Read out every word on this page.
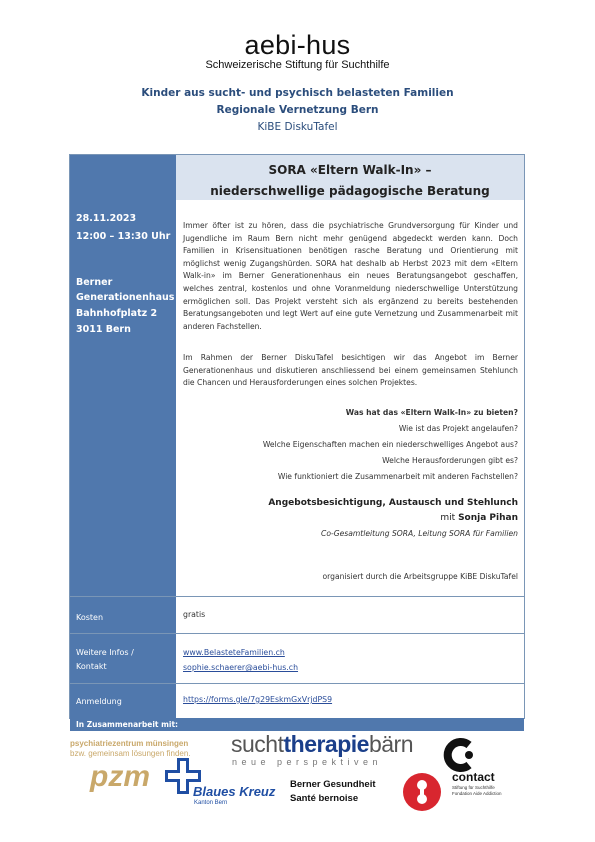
aebi-hus
Schweizerische Stiftung für Suchthilfe
Kinder aus sucht- und psychisch belasteten Familien
Regionale Vernetzung Bern
KiBE DiskuTafel
SORA «Eltern Walk-In» –
niederschwellige pädagogische Beratung
28.11.2023
12:00 – 13:30 Uhr
Berner
Generationenhaus
Bahnhofplatz 2
3011 Bern
Immer öfter ist zu hören, dass die psychiatrische Grundversorgung für Kinder und Jugendliche im Raum Bern nicht mehr genügend abgedeckt werden kann. Doch Familien in Krisensituationen benötigen rasche Beratung und Orientierung mit möglichst wenig Zugangshürden. SORA hat deshalb ab Herbst 2023 mit dem «Eltern Walk-in» im Berner Generationenhaus ein neues Beratungsangebot geschaffen, welches zentral, kostenlos und ohne Voranmeldung niederschwellige Unterstützung ermöglichen soll. Das Projekt versteht sich als ergänzend zu bereits bestehenden Beratungsangeboten und legt Wert auf eine gute Vernetzung und Zusammenarbeit mit anderen Fachstellen.
Im Rahmen der Berner DiskuTafel besichtigen wir das Angebot im Berner Generationenhaus und diskutieren anschliessend bei einem gemeinsamen Stehlunch die Chancen und Herausforderungen eines solchen Projektes.
Was hat das «Eltern Walk-In» zu bieten?
Wie ist das Projekt angelaufen?
Welche Eigenschaften machen ein niederschwelliges Angebot aus?
Welche Herausforderungen gibt es?
Wie funktioniert die Zusammenarbeit mit anderen Fachstellen?
Angebotsbesichtigung, Austausch und Stehlunch
mit Sonja Pihan
Co-Gesamtleitung SORA, Leitung SORA für Familien
organisiert durch die Arbeitsgruppe KiBE DiskuTafel
Kosten	gratis
Weitere Infos /
Kontakt
www.BelasteteFamilien.ch
sophie.schaerer@aebi-hus.ch
Anmeldung	https://forms.gle/7g29EskmGxVrjdPS9
In Zusammenarbeit mit:
psychiatriezentrum münsingen
bzw. gemeinsam lösungen finden.
pzm	Blaues Kreuz
Kanton Bern
suchttherapiebärn
neue perspektiven
Berner Gesundheit
Santé bernoise
contact
Stiftung für Suchthilfe
Fondation Aide Addiction
